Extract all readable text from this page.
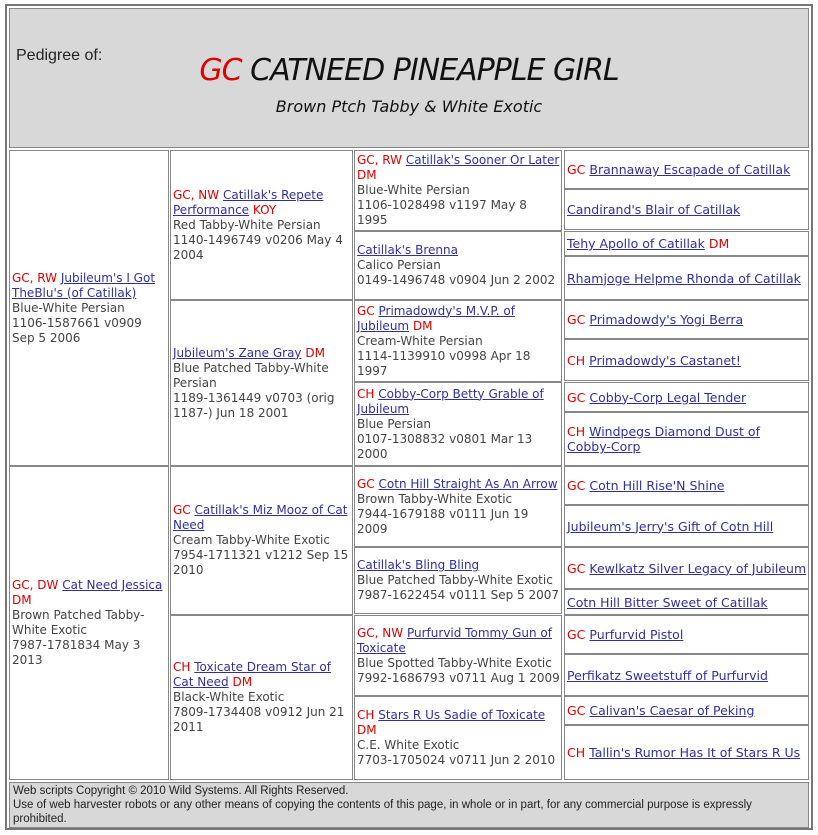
Pedigree of:	GC CATNEED PINEAPPLE GIRL
Brown Ptch Tabby & White Exotic
GC, RW Jubileum's I Got TheBlu's (of Catillak)
Blue-White Persian
1106-1587661 v0909 Sep 5 2006
GC, DW Cat Need Jessica DM
Brown Patched Tabby-White Exotic
7987-1781834 May 3 2013
GC, NW Catillak's Repete Performance KOY
Red Tabby-White Persian
1140-1496749 v0206 May 4 2004
Jubileum's Zane Gray DM
Blue Patched Tabby-White Persian
1189-1361449 v0703 (orig 1187-) Jun 18 2001
GC Catillak's Miz Mooz of Cat Need
Cream Tabby-White Exotic
7954-1711321 v1212 Sep 15 2010
CH Toxicate Dream Star of Cat Need DM
Black-White Exotic
7809-1734408 v0912 Jun 21 2011
GC, RW Catillak's Sooner Or Later DM
Blue-White Persian
1106-1028498 v1197 May 8 1995
Catillak's Brenna
Calico Persian
0149-1496748 v0904 Jun 2 2002
GC Primadowdy's M.V.P. of Jubileum DM
Cream-White Persian
1114-1139910 v0998 Apr 18 1997
CH Cobby-Corp Betty Grable of Jubileum
Blue Persian
0107-1308832 v0801 Mar 13 2000
GC Cotn Hill Straight As An Arrow
Brown Tabby-White Exotic
7944-1679188 v0111 Jun 19 2009
Catillak's Bling Bling
Blue Patched Tabby-White Exotic
7987-1622454 v0111 Sep 5 2007
GC, NW Purfurvid Tommy Gun of Toxicate
Blue Spotted Tabby-White Exotic
7992-1686793 v0711 Aug 1 2009
CH Stars R Us Sadie of Toxicate DM
C.E. White Exotic
7703-1705024 v0711 Jun 2 2010
GC Brannaway Escapade of Catillak
Candirand's Blair of Catillak
Tehy Apollo of Catillak DM
Rhamjoge Helpme Rhonda of Catillak
GC Primadowdy's Yogi Berra
CH Primadowdy's Castanet!
GC Cobby-Corp Legal Tender
CH Windpegs Diamond Dust of Cobby-Corp
GC Cotn Hill Rise'N Shine
Jubileum's Jerry's Gift of Cotn Hill
GC Kewlkatz Silver Legacy of Jubileum
Cotn Hill Bitter Sweet of Catillak
GC Purfurvid Pistol
Perfikatz Sweetstuff of Purfurvid
GC Calivan's Caesar of Peking
CH Tallin's Rumor Has It of Stars R Us
Web scripts Copyright © 2010 Wild Systems. All Rights Reserved.
Use of web harvester robots or any other means of copying the contents of this page, in whole or in part, for any commercial purpose is expressly prohibited.
